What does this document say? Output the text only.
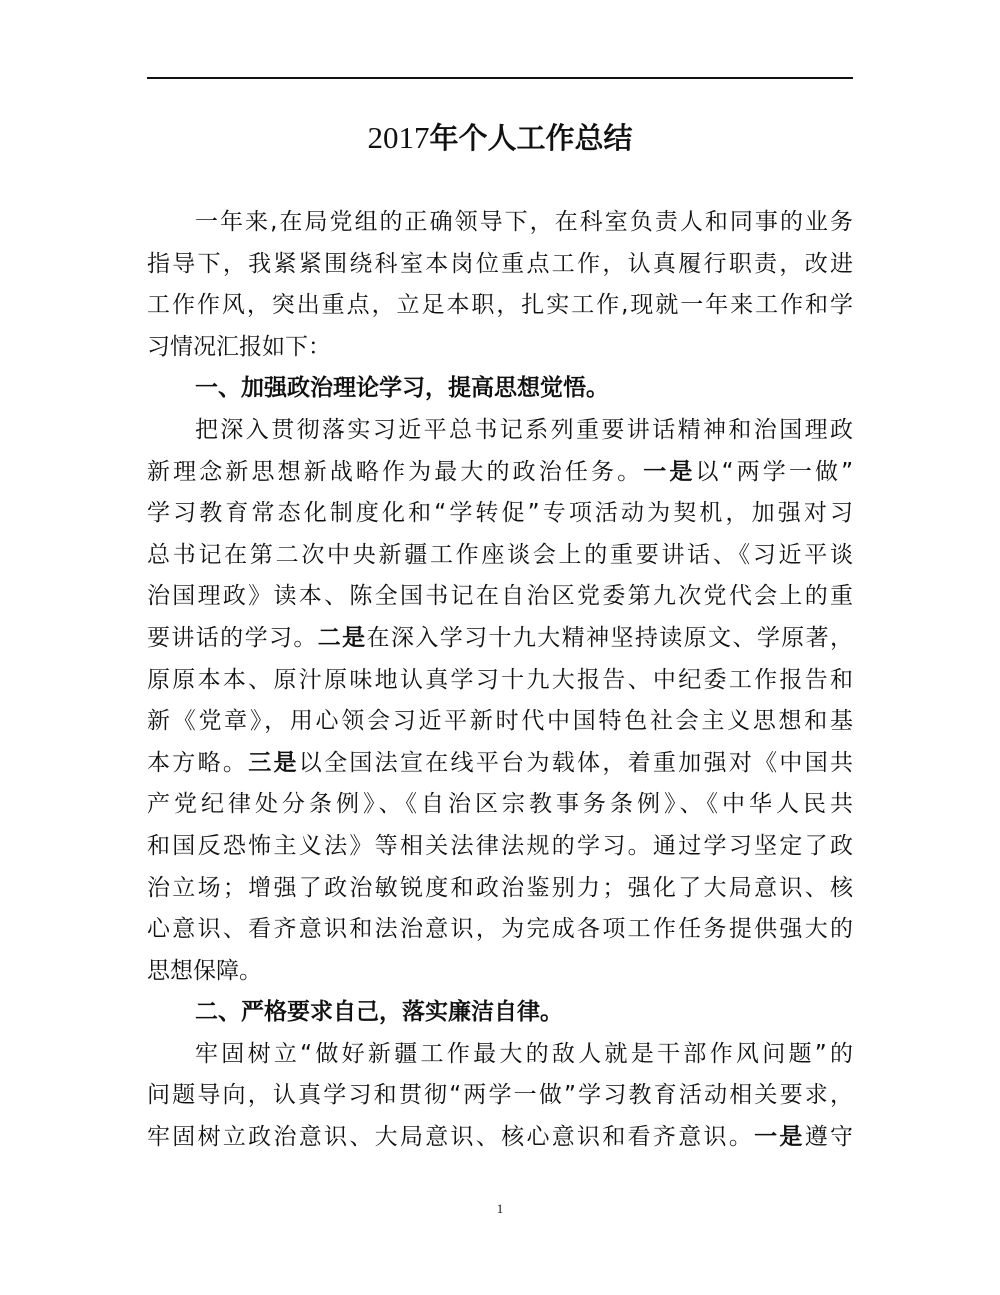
2017年个人工作总结
一年来,在局党组的正确领导下，在科室负责人和同事的业务
指导下，我紧紧围绕科室本岗位重点工作，认真履行职责，改进
工作作风，突出重点，立足本职，扎实工作,现就一年来工作和学
习情况汇报如下：
一、加强政治理论学习，提高思想觉悟。
把深入贯彻落实习近平总书记系列重要讲话精神和治国理政
新理念新思想新战略作为最大的政治任务。一是以“两学一做”
学习教育常态化制度化和“学转促”专项活动为契机，加强对习
总书记在第二次中央新疆工作座谈会上的重要讲话、《习近平谈
治国理政》读本、陈全国书记在自治区党委第九次党代会上的重
要讲话的学习。二是在深入学习十九大精神坚持读原文、学原著，
原原本本、原汁原味地认真学习十九大报告、中纪委工作报告和
新《党章》，用心领会习近平新时代中国特色社会主义思想和基
本方略。三是以全国法宣在线平台为载体，着重加强对《中国共
产党纪律处分条例》、《自治区宗教事务条例》、《中华人民共
和国反恐怖主义法》等相关法律法规的学习。通过学习坚定了政
治立场；增强了政治敏锐度和政治鉴别力；强化了大局意识、核
心意识、看齐意识和法治意识，为完成各项工作任务提供强大的
思想保障。
二、严格要求自己，落实廉洁自律。
牢固树立“做好新疆工作最大的敌人就是干部作风问题”的
问题导向，认真学习和贯彻“两学一做”学习教育活动相关要求，
牢固树立政治意识、大局意识、核心意识和看齐意识。一是遵守
1
